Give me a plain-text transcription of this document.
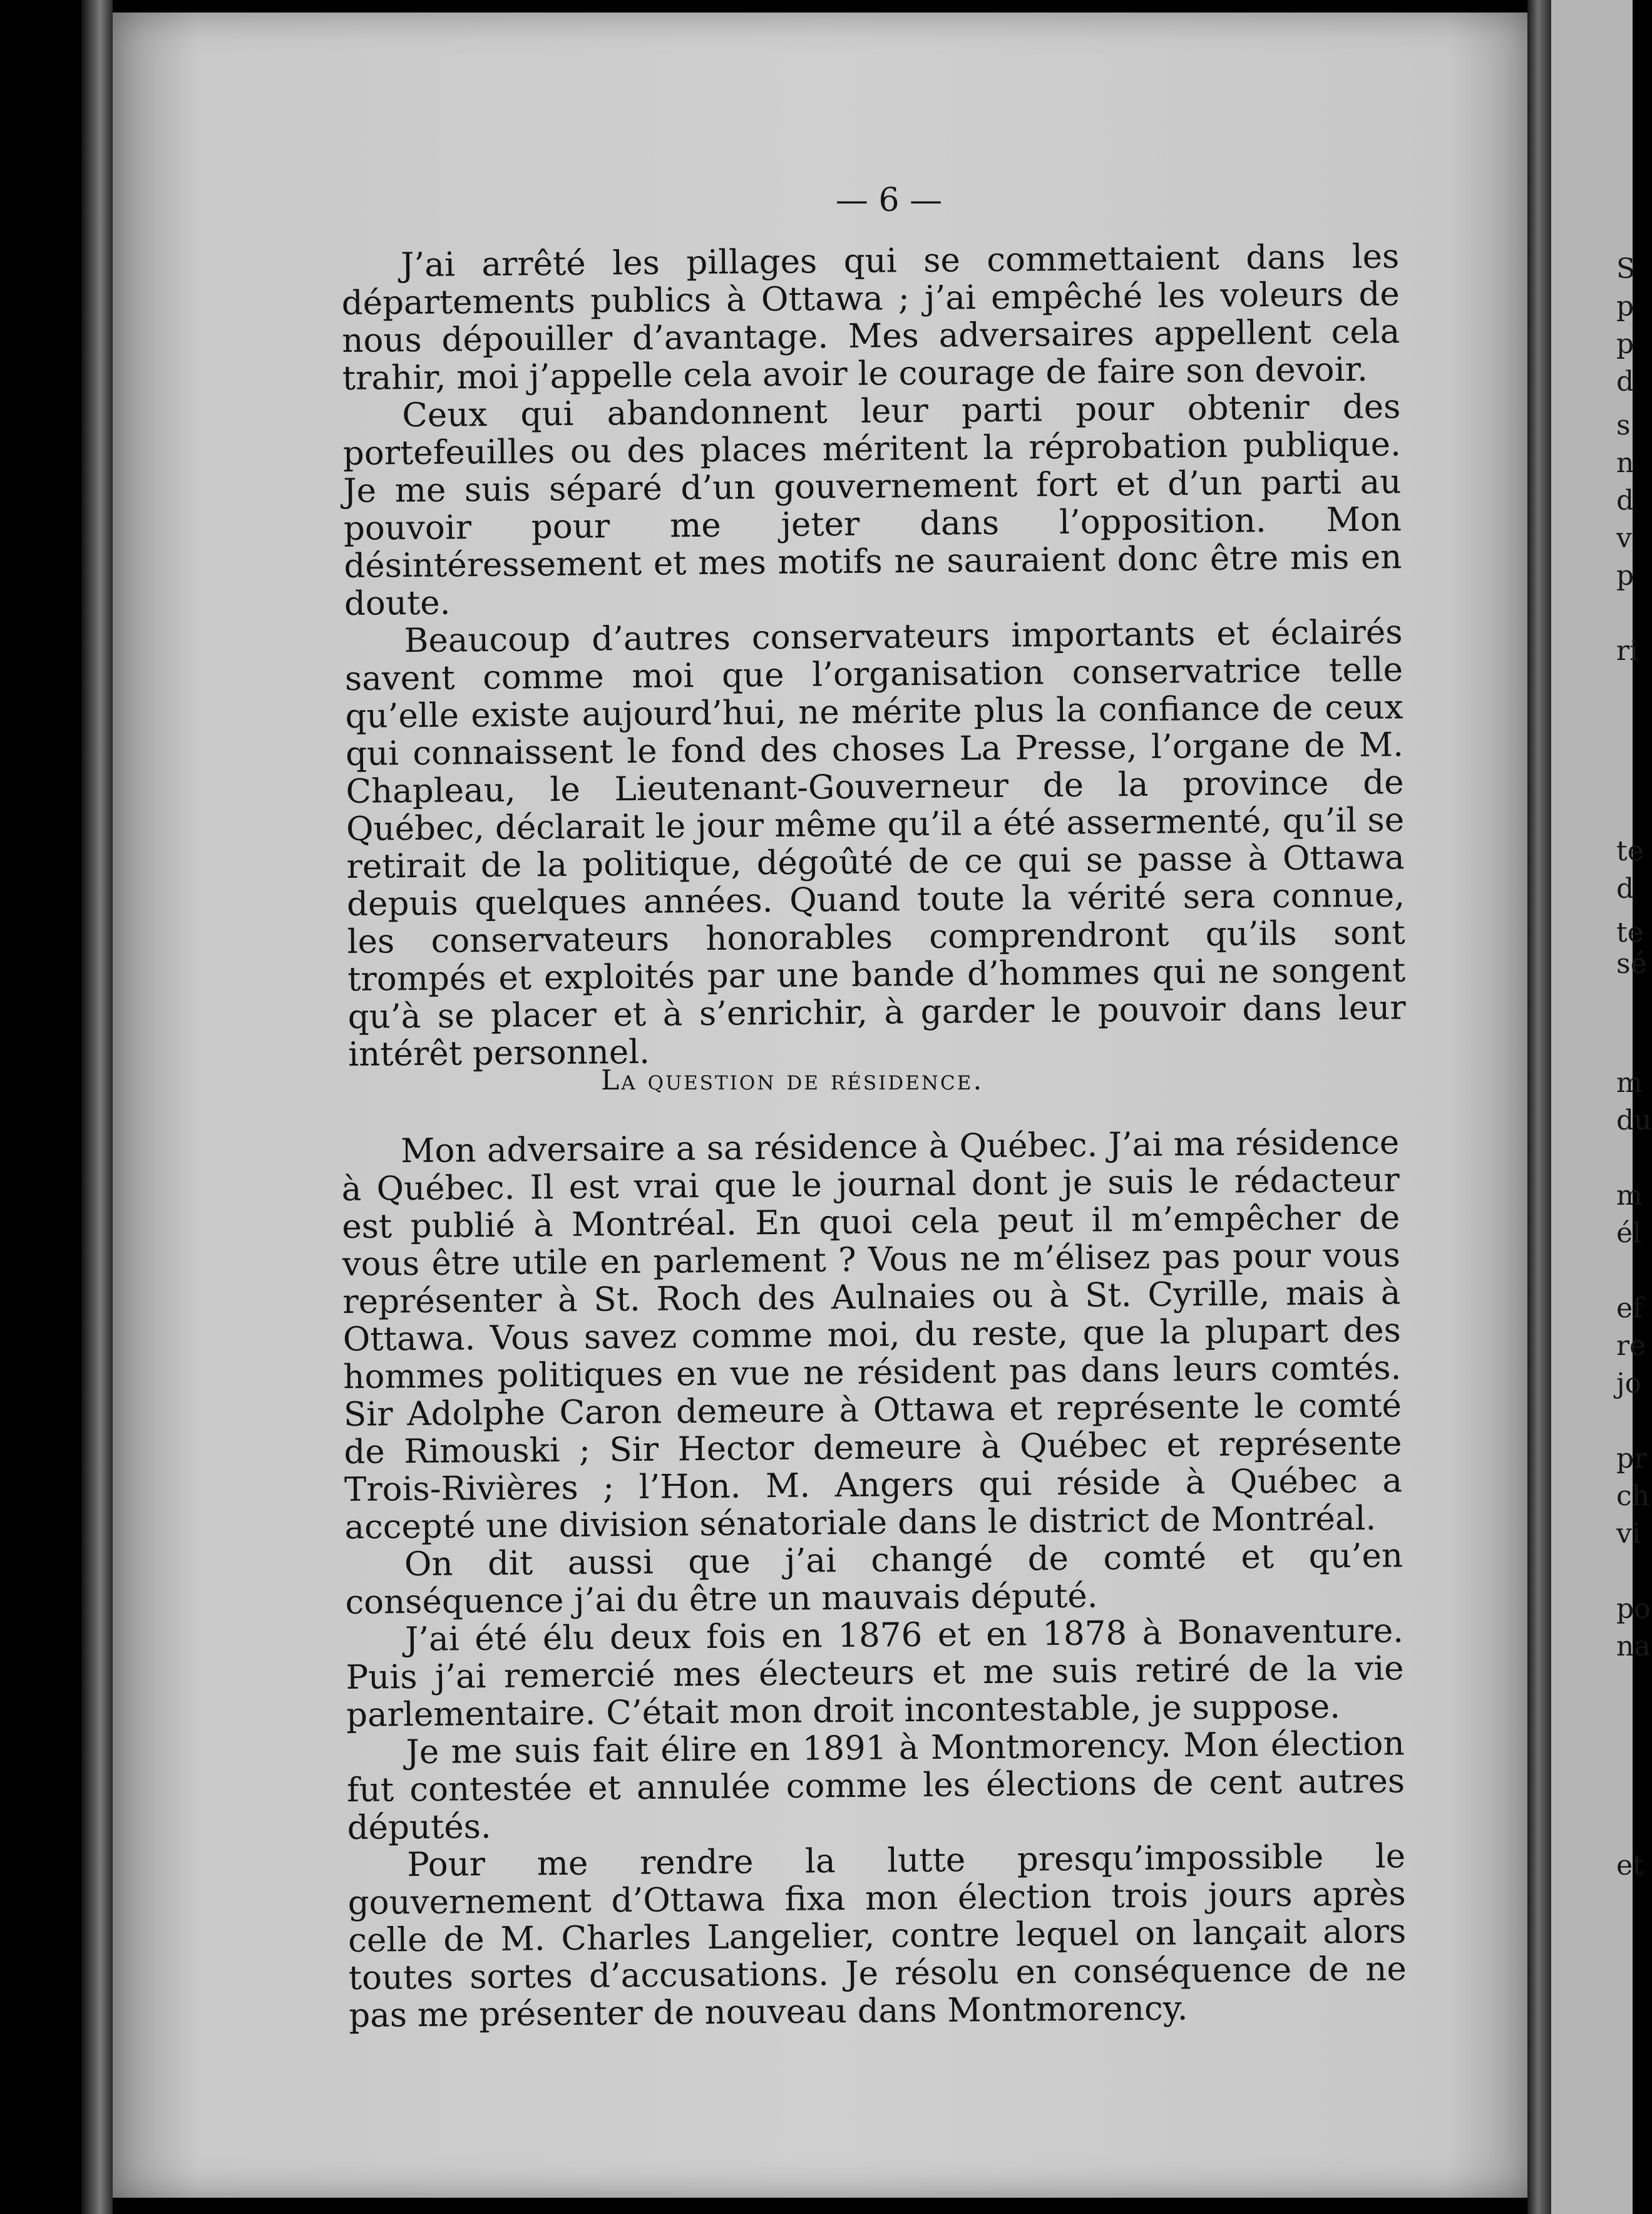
— 6 —

J’ai arrêté les pillages qui se commettaient dans les départements publics à Ottawa ; j’ai empêché les voleurs de nous dépouiller d’avantage. Mes adversaires appellent cela trahir, moi j’appelle cela avoir le courage de faire son devoir.

Ceux qui abandonnent leur parti pour obtenir des portefeuilles ou des places méritent la réprobation publique. Je me suis séparé d’un gouvernement fort et d’un parti au pouvoir pour me jeter dans l’opposition. Mon désintéressement et mes motifs ne sauraient donc être mis en doute.

Beaucoup d’autres conservateurs importants et éclairés savent comme moi que l’organisation conservatrice telle qu’elle existe aujourd’hui, ne mérite plus la confiance de ceux qui connaissent le fond des choses La Presse, l’organe de M. Chapleau, le Lieutenant-Gouverneur de la province de Québec, déclarait le jour même qu’il a été assermenté, qu’il se retirait de la politique, dégoûté de ce qui se passe à Ottawa depuis quelques années. Quand toute la vérité sera connue, les conservateurs honorables comprendront qu’ils sont trompés et exploités par une bande d’hommes qui ne songent qu’à se placer et à s’enrichir, à garder le pouvoir dans leur intérêt personnel.

La question de résidence.

Mon adversaire a sa résidence à Québec. J’ai ma résidence à Québec. Il est vrai que le journal dont je suis le rédacteur est publié à Montréal. En quoi cela peut il m’empêcher de vous être utile en parlement ? Vous ne m’élisez pas pour vous représenter à St. Roch des Aulnaies ou à St. Cyrille, mais à Ottawa. Vous savez comme moi, du reste, que la plupart des hommes politiques en vue ne résident pas dans leurs comtés. Sir Adolphe Caron demeure à Ottawa et représente le comté de Rimouski ; Sir Hector demeure à Québec et représente Trois-Rivières ; l’Hon. M. Angers qui réside à Québec a accepté une division sénatoriale dans le district de Montréal.

On dit aussi que j’ai changé de comté et qu’en conséquence j’ai du être un mauvais député.

J’ai été élu deux fois en 1876 et en 1878 à Bonaventure. Puis j’ai remercié mes électeurs et me suis retiré de la vie parlementaire. C’était mon droit incontestable, je suppose.

Je me suis fait élire en 1891 à Montmorency. Mon élection fut contestée et annulée comme les élections de cent autres députés.

Pour me rendre la lutte presqu’impossible le gouvernement d’Ottawa fixa mon élection trois jours après celle de M. Charles Langelier, contre lequel on lançait alors toutes sortes d’accusations. Je résolu en conséquence de ne pas me présenter de nouveau dans Montmorency.

S
p
p
d
s
n
d
v
p
ri
te
d
te
sé
m
du
m
él
ef
re
jo
pr
ch
vi
po
na
et
